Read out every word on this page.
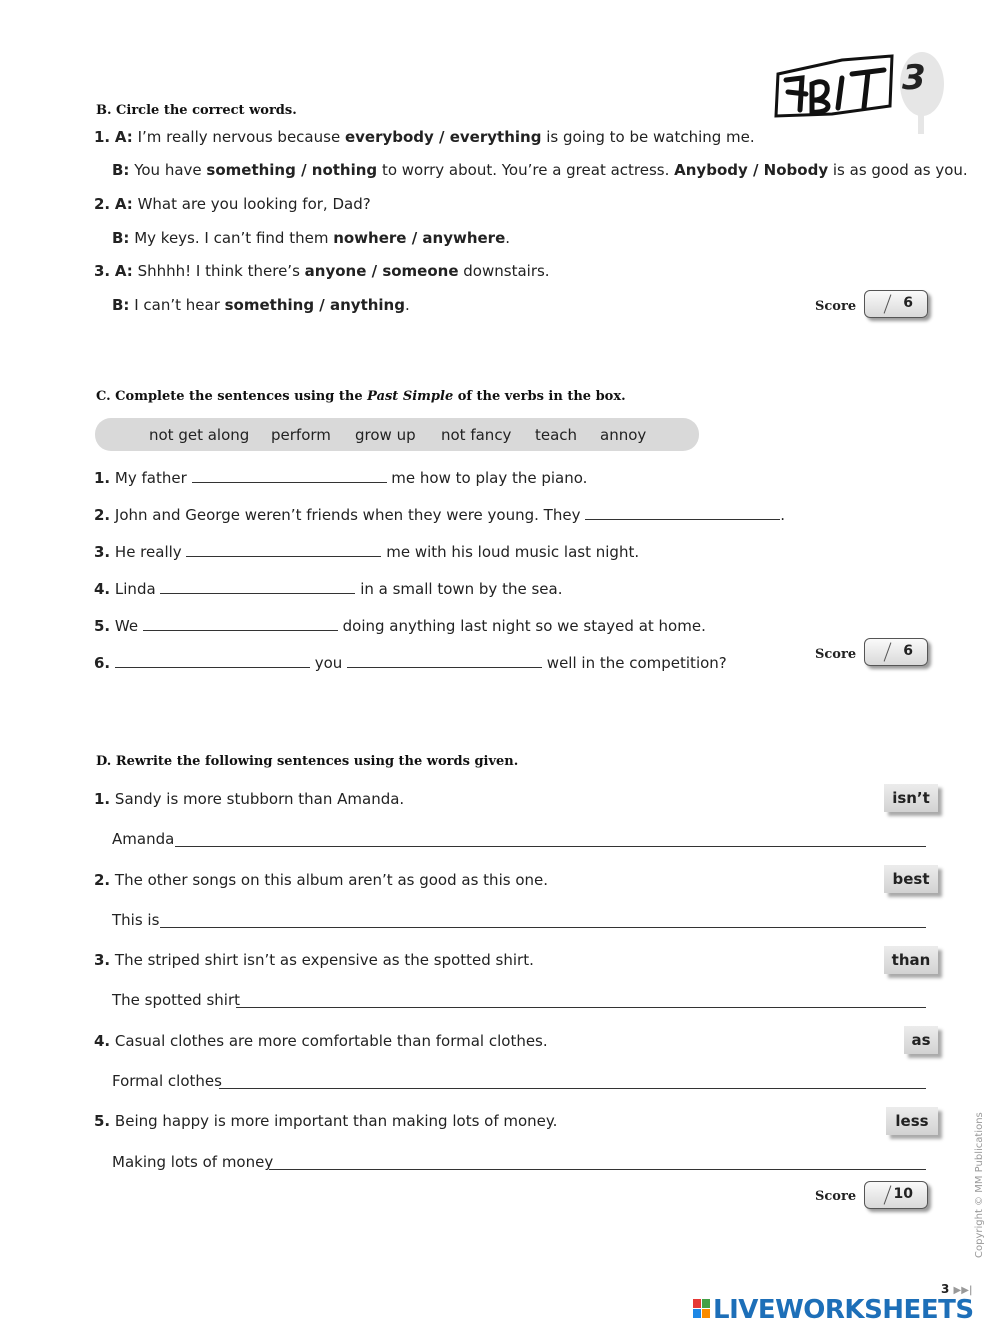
3
B. Circle the correct words.
1. A: I’m really nervous because everybody / everything is going to be watching me.
B: You have something / nothing to worry about. You’re a great actress. Anybody / Nobody is as good as you.
2. A: What are you looking for, Dad?
B: My keys. I can’t find them nowhere / anywhere.
3. A: Shhhh! I think there’s anyone / someone downstairs.
B: I can’t hear something / anything.	Score	6
C. Complete the sentences using the Past Simple of the verbs in the box.
not get along perform grow up not fancy teach annoy
1. My father	me how to play the piano.
2. John and George weren’t friends when they were young. They	.
3. He really	me with his loud music last night.
4. Linda	in a small town by the sea.
5. We	doing anything last night so we stayed at home.
6.	you	well in the competition?	Score	6
D. Rewrite the following sentences using the words given.
1. Sandy is more stubborn than Amanda.	isn’t
Amanda
2. The other songs on this album aren’t as good as this one.	best
This is
3. The striped shirt isn’t as expensive as the spotted shirt.	than
The spotted shirt
4. Casual clothes are more comfortable than formal clothes.	as
Formal clothes
5. Being happy is more important than making lots of money.	less
Making lots of money
Score	10	Copyright © MM Publications
3 ▶▶|
LIVEWORKSHEETS
